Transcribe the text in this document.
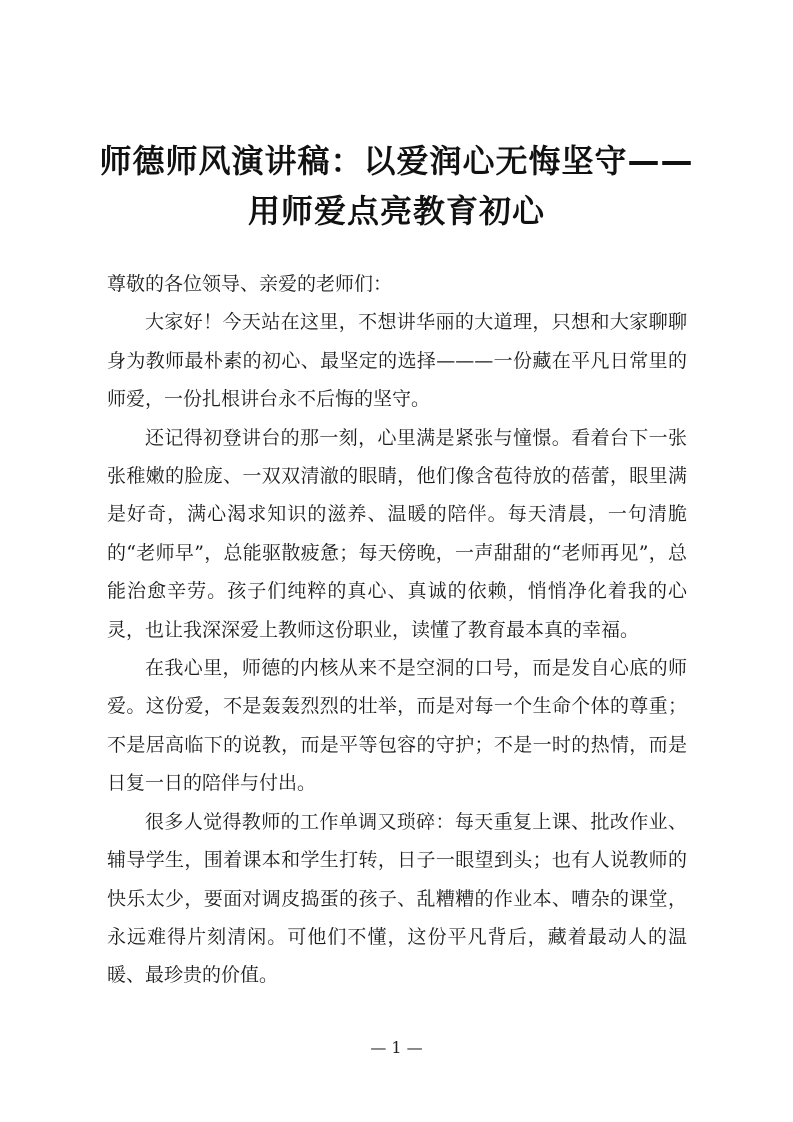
师德师风演讲稿：以爱润心无悔坚守——
用师爱点亮教育初心

尊敬的各位领导、亲爱的老师们：

大家好！今天站在这里，不想讲华丽的大道理，只想和大家聊聊身为教师最朴素的初心、最坚定的选择———一份藏在平凡日常里的师爱，一份扎根讲台永不后悔的坚守。

还记得初登讲台的那一刻，心里满是紧张与憧憬。看着台下一张张稚嫩的脸庞、一双双清澈的眼睛，他们像含苞待放的蓓蕾，眼里满是好奇，满心渴求知识的滋养、温暖的陪伴。每天清晨，一句清脆的“老师早”，总能驱散疲惫；每天傍晚，一声甜甜的“老师再见”，总能治愈辛劳。孩子们纯粹的真心、真诚的依赖，悄悄净化着我的心灵，也让我深深爱上教师这份职业，读懂了教育最本真的幸福。

在我心里，师德的内核从来不是空洞的口号，而是发自心底的师爱。这份爱，不是轰轰烈烈的壮举，而是对每一个生命个体的尊重；不是居高临下的说教，而是平等包容的守护；不是一时的热情，而是日复一日的陪伴与付出。

很多人觉得教师的工作单调又琐碎：每天重复上课、批改作业、辅导学生，围着课本和学生打转，日子一眼望到头；也有人说教师的快乐太少，要面对调皮捣蛋的孩子、乱糟糟的作业本、嘈杂的课堂，永远难得片刻清闲。可他们不懂，这份平凡背后，藏着最动人的温暖、最珍贵的价值。

— 1 —
